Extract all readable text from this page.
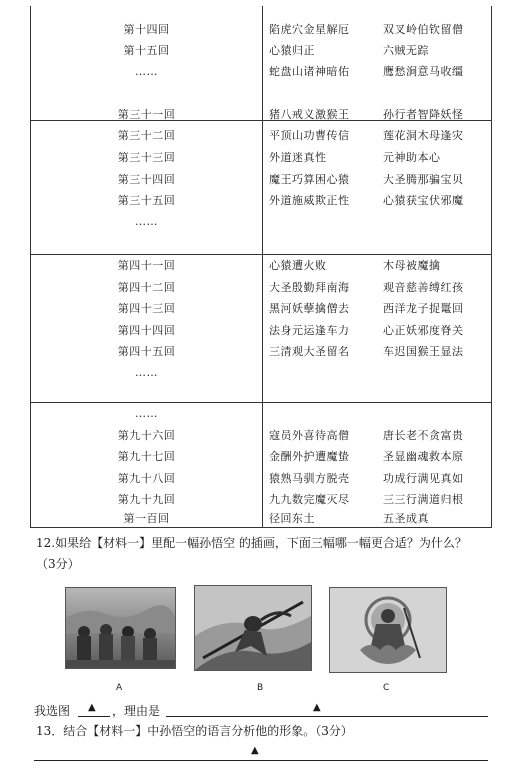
第十四回	陷虎穴金星解厄	双叉岭伯钦留僧
第十五回	心猿归正	六贼无踪
……	蛇盘山诸神暗佑	鹰愁涧意马收缰
第三十一回	猪八戒义激猴王	孙行者智降妖怪
第三十二回	平顶山功曹传信	莲花洞木母逢灾
第三十三回	外道迷真性	元神助本心
第三十四回	魔王巧算困心猿	大圣腾那骗宝贝
第三十五回	外道施威欺正性	心猿获宝伏邪魔
……
第四十一回	心猿遭火败	木母被魔擒
第四十二回	大圣殷勤拜南海	观音慈善缚红孩
第四十三回	黑河妖孽擒僧去	西洋龙子捉鼍回
第四十四回	法身元运逢车力	心正妖邪度脊关
第四十五回	三清观大圣留名	车迟国猴王显法
……
……
第九十六回	寇员外喜待高僧	唐长老不贪富贵
第九十七回	金酬外护遭魔蛰	圣显幽魂救本原
第九十八回	猿熟马驯方脱壳	功成行满见真如
第九十九回	九九数完魔灭尽	三三行满道归根
第一百回	径回东土	五圣成真
12.如果给【材料一】里配一幅孙悟空 的插画，下面三幅哪一幅更合适？为什么？
（3分）
A	B	C
我选图 ▲ ，理由是	▲
13．结合【材料一】中孙悟空的语言分析他的形象。（3分）
▲
